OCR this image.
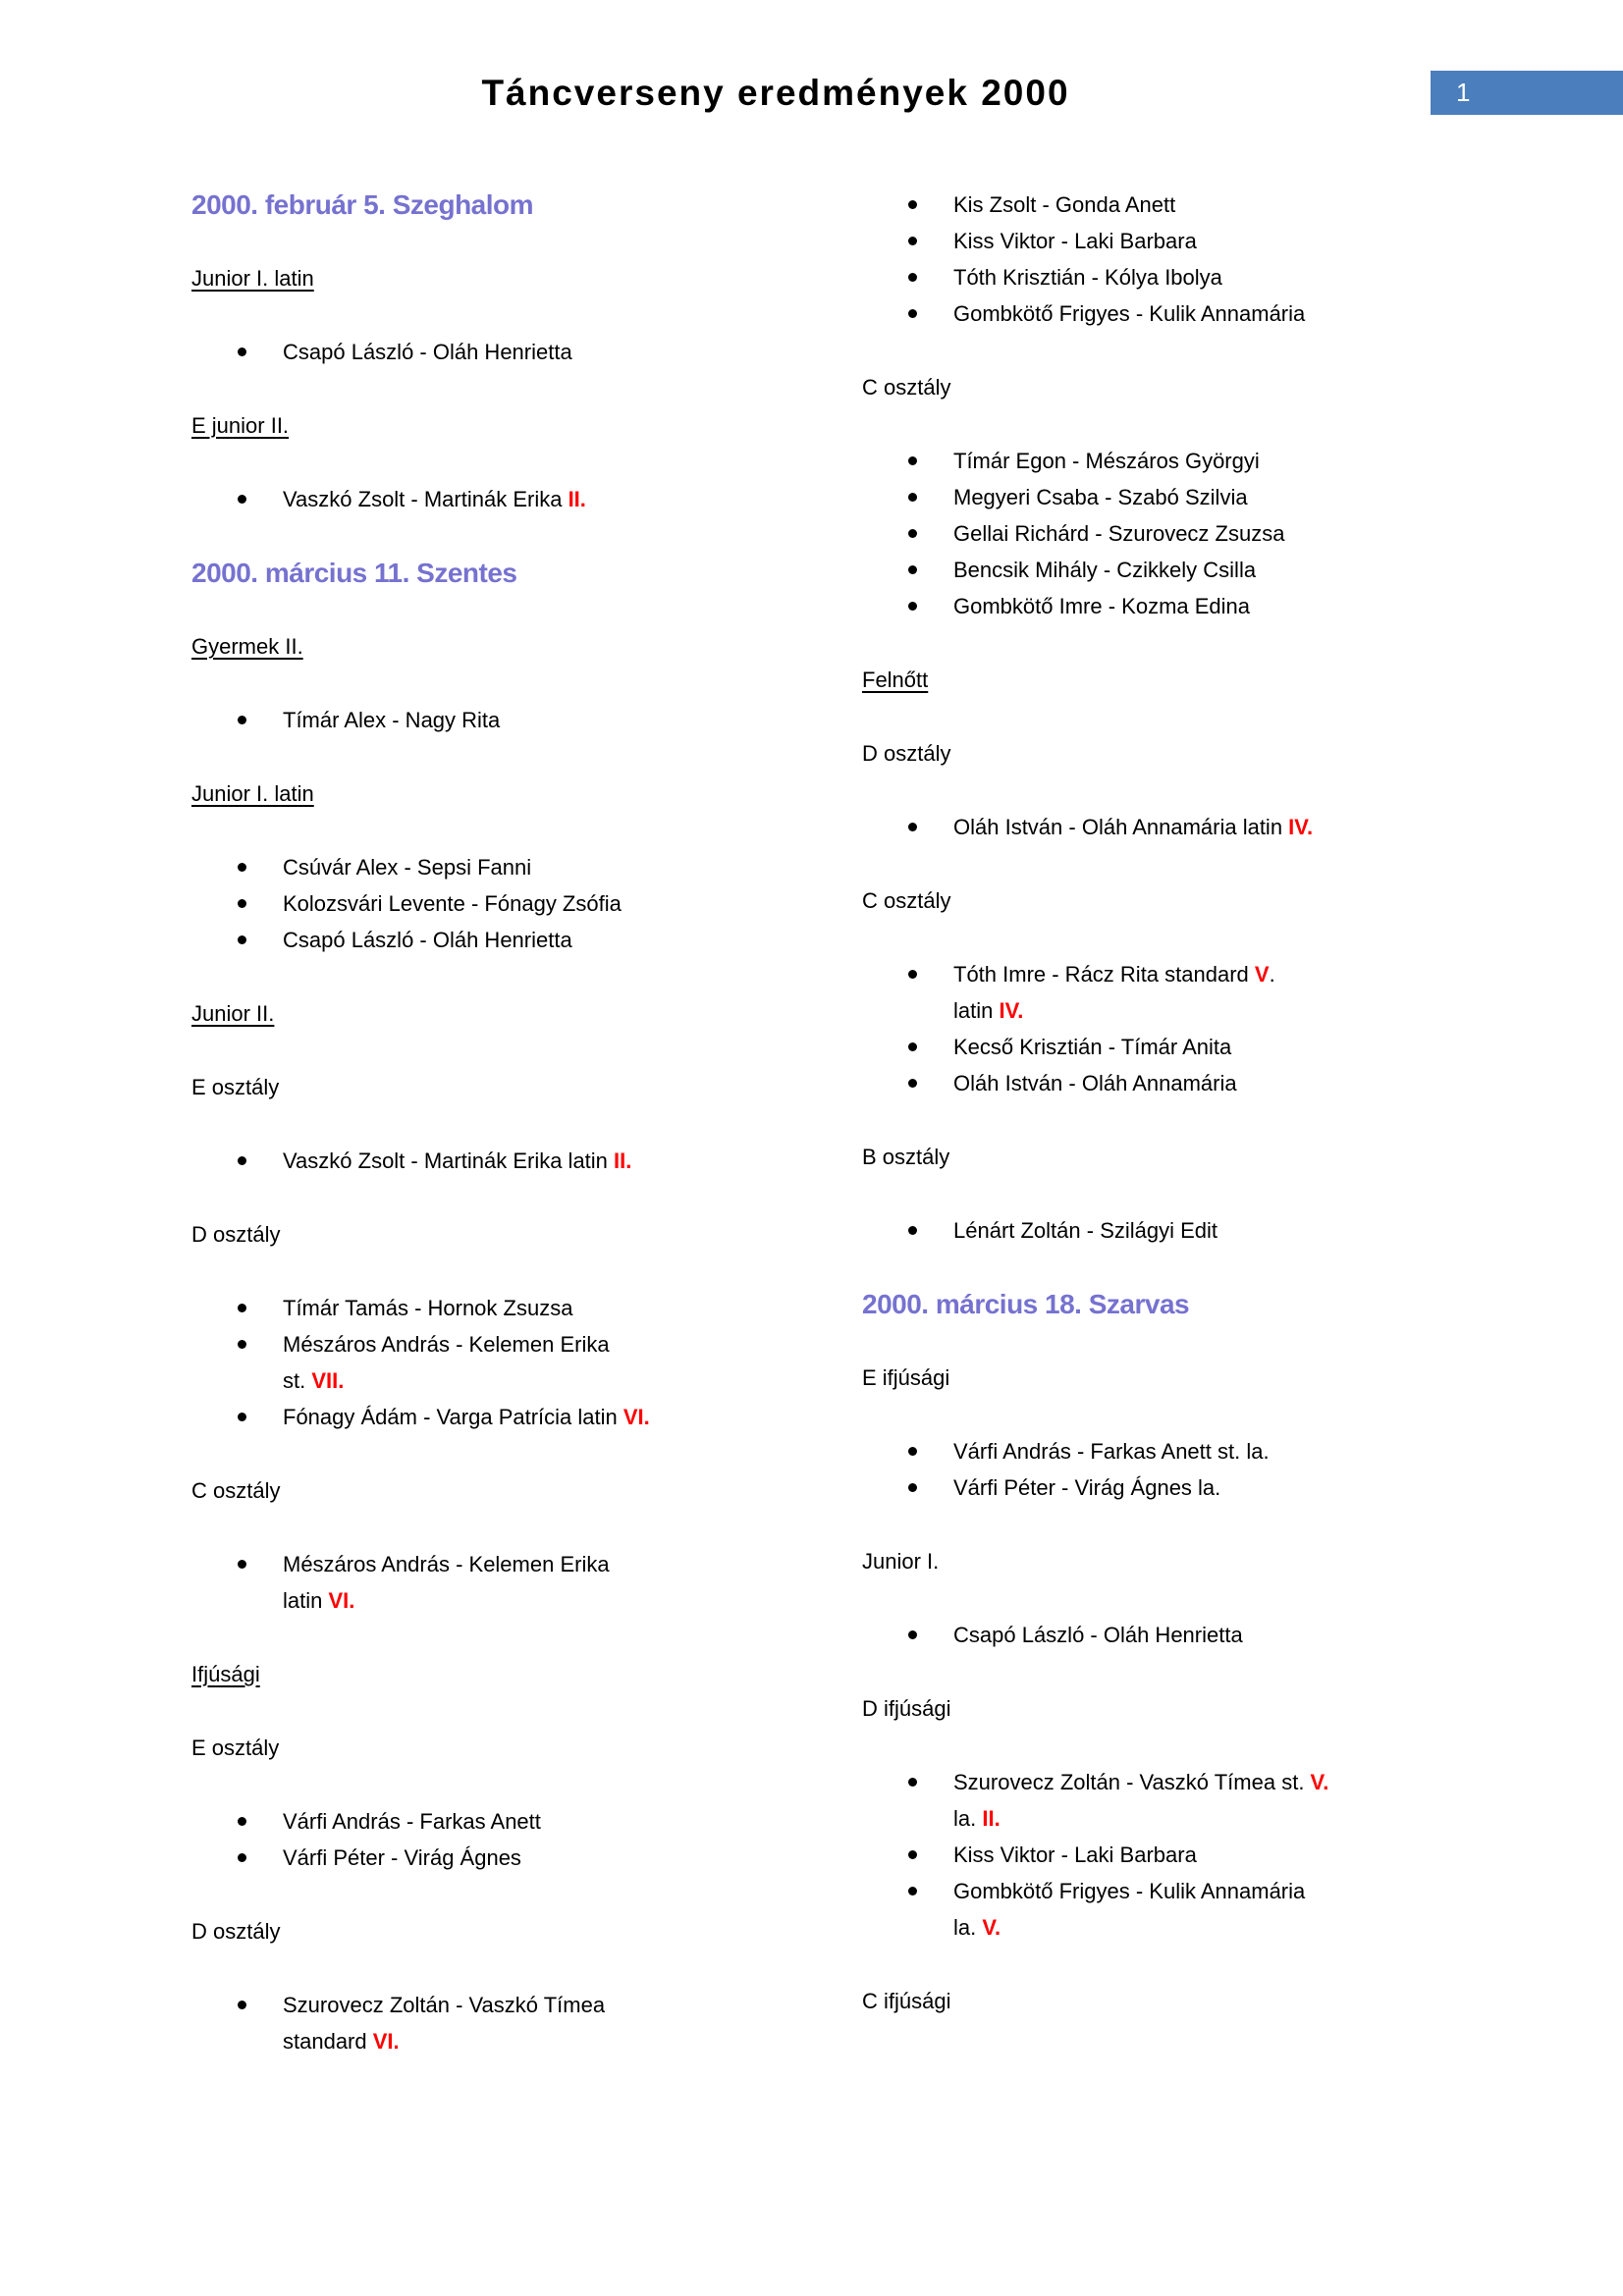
Táncverseny eredmények 2000	1
2000. február 5. Szeghalom
Junior I. latin
Csapó László - Oláh Henrietta
E junior II.
Vaszkó Zsolt - Martinák Erika II.
2000. március 11. Szentes
Gyermek II.
Tímár Alex - Nagy Rita
Junior I. latin
Csúvár Alex - Sepsi Fanni
Kolozsvári Levente - Fónagy Zsófia
Csapó László - Oláh Henrietta
Junior II.
E osztály
Vaszkó Zsolt - Martinák Erika latin II.
D osztály
Tímár Tamás - Hornok Zsuzsa
Mészáros András - Kelemen Erika
st. VII.
Fónagy Ádám - Varga Patrícia latin VI.
C osztály
Mészáros András - Kelemen Erika
latin VI.
Ifjúsági
E osztály
Várfi András - Farkas Anett
Várfi Péter - Virág Ágnes
D osztály
Szurovecz Zoltán - Vaszkó Tímea
standard VI.
Kis Zsolt - Gonda Anett
Kiss Viktor - Laki Barbara
Tóth Krisztián - Kólya Ibolya
Gombkötő Frigyes - Kulik Annamária
C osztály
Tímár Egon - Mészáros Györgyi
Megyeri Csaba - Szabó Szilvia
Gellai Richárd - Szurovecz Zsuzsa
Bencsik Mihály - Czikkely Csilla
Gombkötő Imre - Kozma Edina
Felnőtt
D osztály
Oláh István - Oláh Annamária latin IV.
C osztály
Tóth Imre - Rácz Rita standard V.
latin IV.
Kecső Krisztián - Tímár Anita
Oláh István - Oláh Annamária
B osztály
Lénárt Zoltán - Szilágyi Edit
2000. március 18. Szarvas
E ifjúsági
Várfi András - Farkas Anett st. la.
Várfi Péter - Virág Ágnes la.
Junior I.
Csapó László - Oláh Henrietta
D ifjúsági
Szurovecz Zoltán - Vaszkó Tímea st. V.
la. II.
Kiss Viktor - Laki Barbara
Gombkötő Frigyes - Kulik Annamária
la. V.
C ifjúsági
